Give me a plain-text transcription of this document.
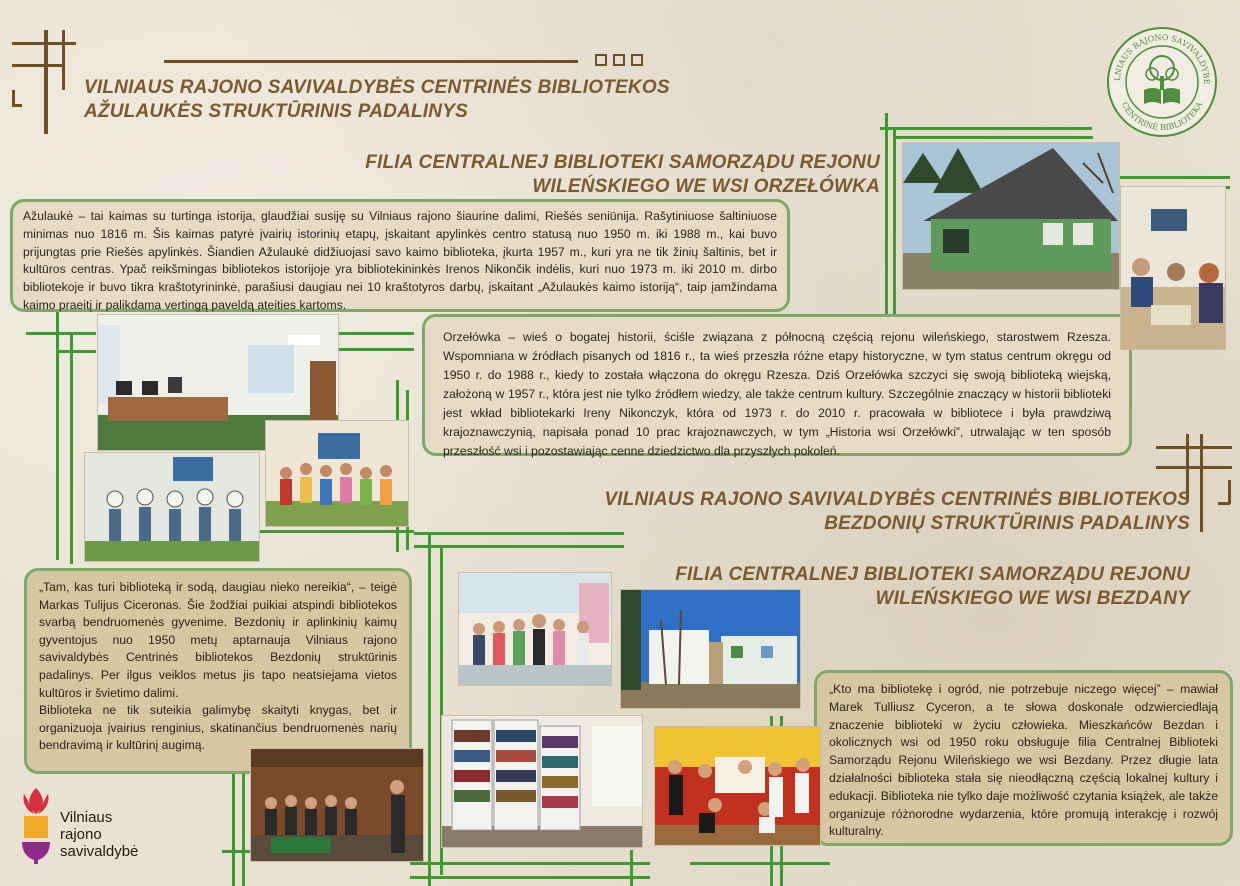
LNIAUS RAJONO SAVIVALDYBĖ
CENTRINĖ BIBLIOTEKA
VILNIAUS RAJONO SAVIVALDYBĖS CENTRINĖS BIBLIOTEKOS
AŽULAUKĖS STRUKTŪRINIS PADALINYS
FILIA CENTRALNEJ BIBLIOTEKI SAMORZĄDU REJONU
WILEŃSKIEGO WE WSI ORZEŁÓWKA
VILNIAUS RAJONO SAVIVALDYBĖS CENTRINĖS BIBLIOTEKOS
BEZDONIŲ STRUKTŪRINIS PADALINYS
FILIA CENTRALNEJ BIBLIOTEKI SAMORZĄDU REJONU
WILEŃSKIEGO WE WSI BEZDANY
Ažulaukė – tai kaimas su turtinga istorija, glaudžiai susiję su Vilniaus rajono šiaurine dalimi, Riešės seniūnija. Rašytiniuose šaltiniuose minimas nuo 1816 m. Šis kaimas patyrė įvairių istorinių etapų, įskaitant apylinkės centro statusą nuo 1950 m. iki 1988 m., kai buvo prijungtas prie Riešės apylinkės. Šiandien Ažulaukė didžiuojasi savo kaimo biblioteka, įkurta 1957 m., kuri yra ne tik žinių šaltinis, bet ir kultūros centras. Ypač reikšmingas bibliotekos istorijoje yra bibliotekininkės Irenos Nikončik indėlis, kuri nuo 1973 m. iki 2010 m. dirbo bibliotekoje ir buvo tikra kraštotyrininkė, parašiusi daugiau nei 10 kraštotyros darbų, įskaitant „Ažulaukės kaimo istoriją“, taip įamžindama kaimo praeitį ir palikdama vertingą paveldą ateities kartoms.
Orzełówka – wieś o bogatej historii, ściśle związana z północną częścią rejonu wileńskiego, starostwem Rzesza. Wspomniana w źródłach pisanych od 1816 r., ta wieś przeszła różne etapy historyczne, w tym status centrum okręgu od 1950 r. do 1988 r., kiedy to została włączona do okręgu Rzesza. Dziś Orzełówka szczyci się swoją biblioteką wiejską, założoną w 1957 r., która jest nie tylko źródłem wiedzy, ale także centrum kultury. Szczególnie znaczący w historii biblioteki jest wkład bibliotekarki Ireny Nikonczyk, która od 1973 r. do 2010 r. pracowała w bibliotece i była prawdziwą krajoznawczynią, napisała ponad 10 prac krajoznawczych, w tym „Historia wsi Orzełówki”, utrwalając w ten sposób przeszłość wsi i pozostawiając cenne dziedzictwo dla przyszłych pokoleń.
„Tam, kas turi biblioteką ir sodą, daugiau nieko nereikia“, – teigė Markas Tulijus Ciceronas. Šie žodžiai puikiai atspindi bibliotekos svarbą bendruomenės gyvenime. Bezdonių ir aplinkinių kaimų gyventojus nuo 1950 metų aptarnauja Vilniaus rajono savivaldybės Centrinės bibliotekos Bezdonių struktūrinis padalinys. Per ilgus veiklos metus jis tapo neatsiejama vietos kultūros ir švietimo dalimi.
Biblioteka ne tik suteikia galimybę skaityti knygas, bet ir organizuoja įvairius renginius, skatinančius bendruomenės narių bendravimą ir kultūrinį augimą.
„Kto ma bibliotekę i ogród, nie potrzebuje niczego więcej” – mawiał Marek Tulliusz Cyceron, a te słowa doskonale odzwierciedlają znaczenie biblioteki w życiu człowieka. Mieszkańców Bezdan i okolicznych wsi od 1950 roku obsługuje filia Centralnej Biblioteki Samorządu Rejonu Wileńskiego we wsi Bezdany. Przez długie lata działalności biblioteka stała się nieodłączną częścią lokalnej kultury i edukacji. Biblioteka nie tylko daje możliwość czytania książek, ale także organizuje różnorodne wydarzenia, które promują interakcję i rozwój kulturalny.
Vilniaus
rajono
savivaldybė
